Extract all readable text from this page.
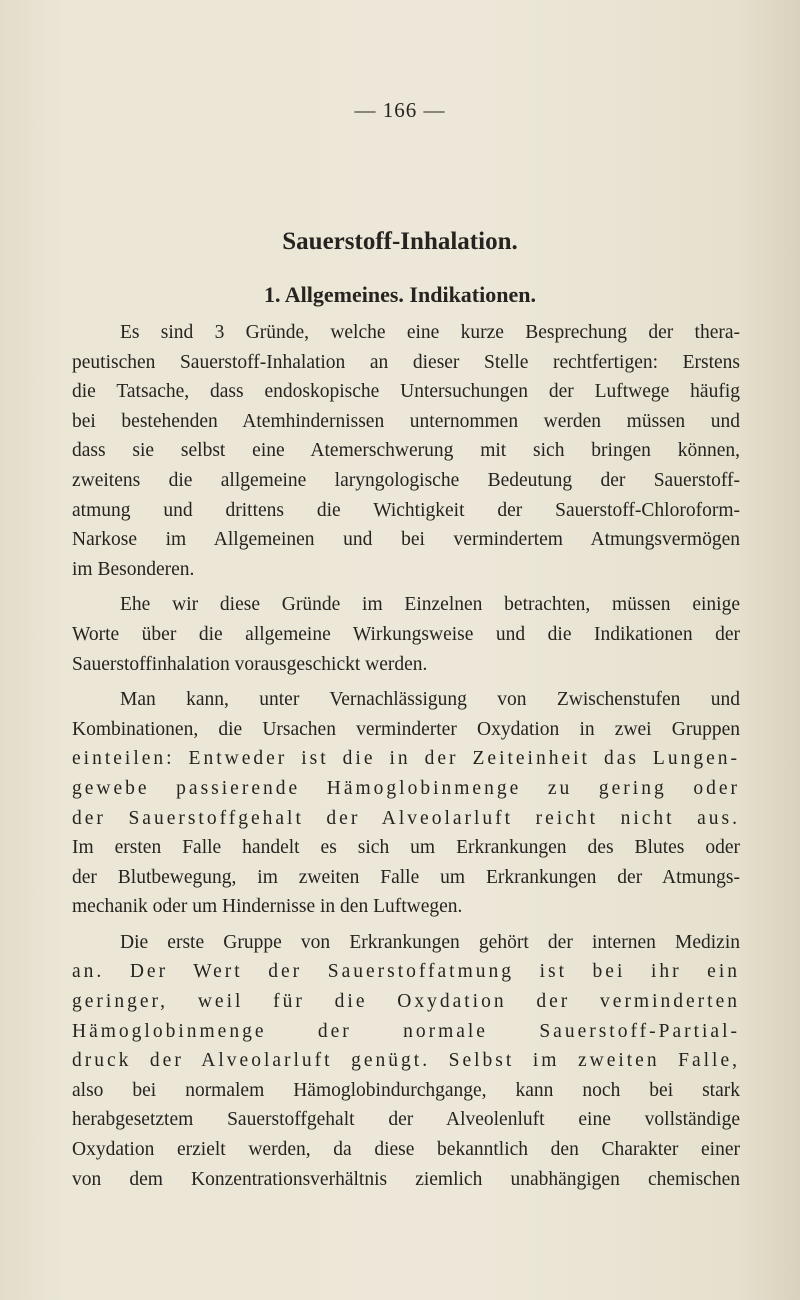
— 166 —
Sauerstoff-Inhalation.
1. Allgemeines. Indikationen.
Es sind 3 Gründe, welche eine kurze Besprechung der thera-
peutischen Sauerstoff-Inhalation an dieser Stelle rechtfertigen: Erstens
die Tatsache, dass endoskopische Untersuchungen der Luftwege häufig
bei bestehenden Atemhindernissen unternommen werden müssen und
dass sie selbst eine Atemerschwerung mit sich bringen können,
zweitens die allgemeine laryngologische Bedeutung der Sauerstoff-
atmung und drittens die Wichtigkeit der Sauerstoff-Chloroform-
Narkose im Allgemeinen und bei vermindertem Atmungsvermögen
im Besonderen.
Ehe wir diese Gründe im Einzelnen betrachten, müssen einige
Worte über die allgemeine Wirkungsweise und die Indikationen der
Sauerstoffinhalation vorausgeschickt werden.
Man kann, unter Vernachlässigung von Zwischenstufen und
Kombinationen, die Ursachen verminderter Oxydation in zwei Gruppen
einteilen: Entweder ist die in der Zeiteinheit das Lungen-
gewebe passierende Hämoglobinmenge zu gering oder
der Sauerstoffgehalt der Alveolarluft reicht nicht aus.
Im ersten Falle handelt es sich um Erkrankungen des Blutes oder
der Blutbewegung, im zweiten Falle um Erkrankungen der Atmungs-
mechanik oder um Hindernisse in den Luftwegen.
Die erste Gruppe von Erkrankungen gehört der internen Medizin
an. Der Wert der Sauerstoffatmung ist bei ihr ein
geringer, weil für die Oxydation der verminderten
Hämoglobinmenge der normale Sauerstoff-Partial-
druck der Alveolarluft genügt. Selbst im zweiten Falle,
also bei normalem Hämoglobindurchgange, kann noch bei stark
herabgesetztem Sauerstoffgehalt der Alveolenluft eine vollständige
Oxydation erzielt werden, da diese bekanntlich den Charakter einer
von dem Konzentrationsverhältnis ziemlich unabhängigen chemischen
